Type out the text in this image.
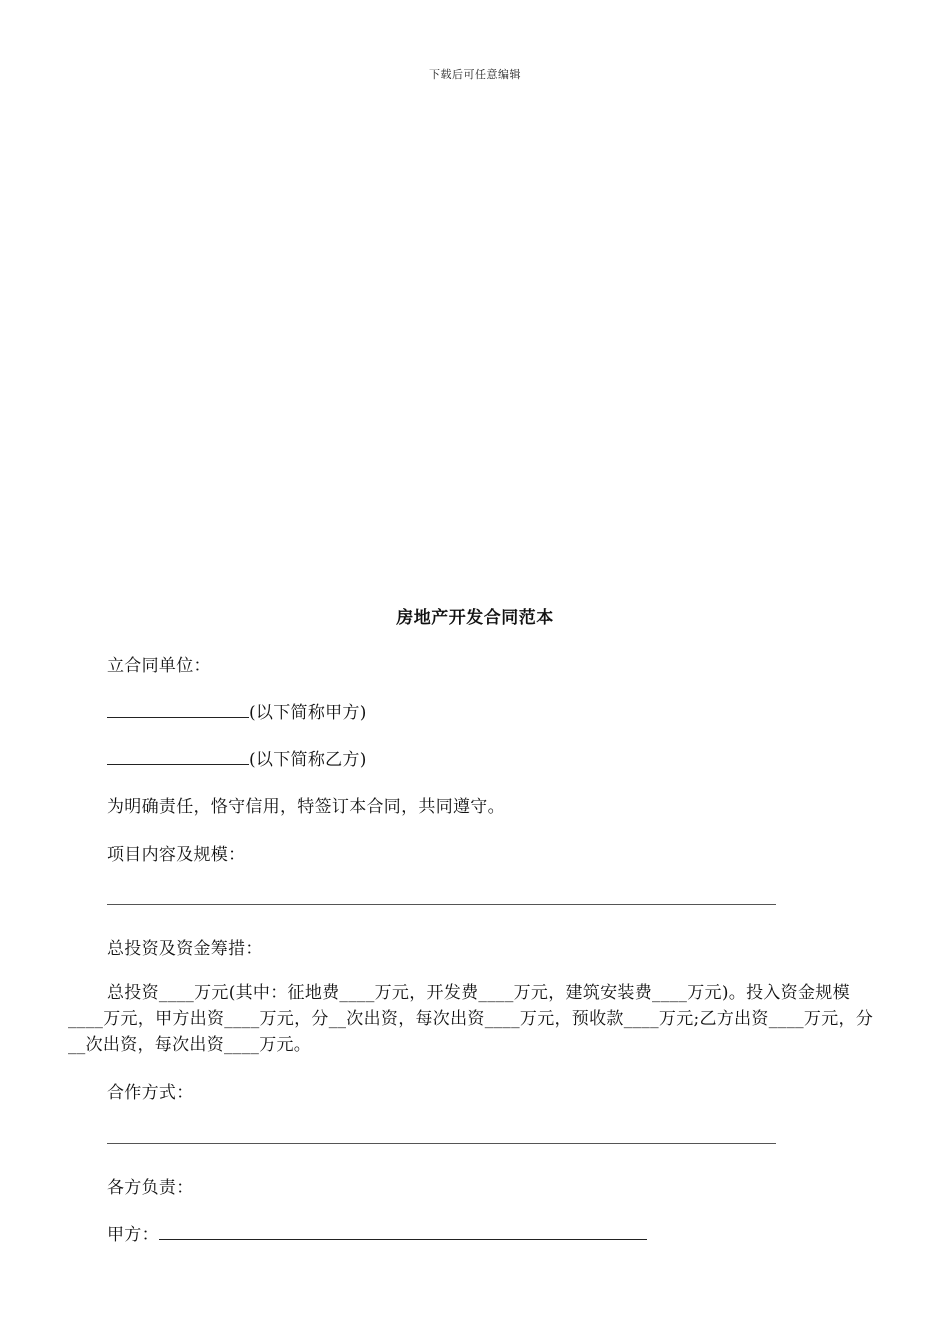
下载后可任意编辑
房地产开发合同范本
立合同单位：
(以下简称甲方)
(以下简称乙方)
为明确责任，恪守信用，特签订本合同，共同遵守。
项目内容及规模：
总投资及资金筹措：
总投资____万元(其中：征地费____万元，开发费____万元，建筑安装费____万元)。投入资金规模____万元，甲方出资____万元，分__次出资，每次出资____万元，预收款____万元;乙方出资____万元，分__次出资，每次出资____万元。
合作方式：
各方负责：
甲方：
